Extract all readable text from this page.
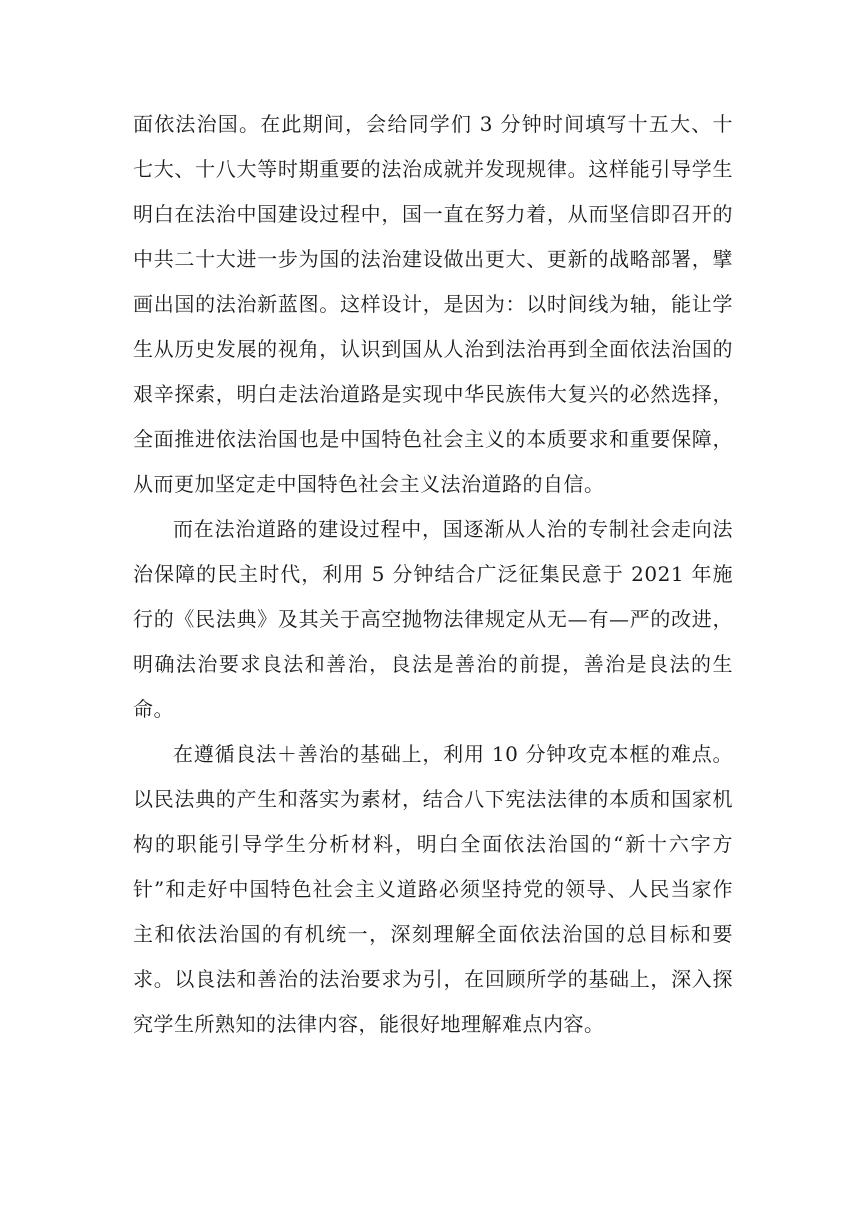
面依法治国。在此期间，会给同学们 3 分钟时间填写十五大、十七大、十八大等时期重要的法治成就并发现规律。这样能引导学生明白在法治中国建设过程中，国一直在努力着，从而坚信即召开的中共二十大进一步为国的法治建设做出更大、更新的战略部署，擘画出国的法治新蓝图。这样设计，是因为：以时间线为轴，能让学生从历史发展的视角，认识到国从人治到法治再到全面依法治国的艰辛探索，明白走法治道路是实现中华民族伟大复兴的必然选择，全面推进依法治国也是中国特色社会主义的本质要求和重要保障，从而更加坚定走中国特色社会主义法治道路的自信。

而在法治道路的建设过程中，国逐渐从人治的专制社会走向法治保障的民主时代，利用 5 分钟结合广泛征集民意于 2021 年施行的《民法典》及其关于高空抛物法律规定从无—有—严的改进，明确法治要求良法和善治，良法是善治的前提，善治是良法的生命。

在遵循良法＋善治的基础上，利用 10 分钟攻克本框的难点。以民法典的产生和落实为素材，结合八下宪法法律的本质和国家机构的职能引导学生分析材料，明白全面依法治国的“新十六字方针”和走好中国特色社会主义道路必须坚持党的领导、人民当家作主和依法治国的有机统一，深刻理解全面依法治国的总目标和要求。以良法和善治的法治要求为引，在回顾所学的基础上，深入探究学生所熟知的法律内容，能很好地理解难点内容。
